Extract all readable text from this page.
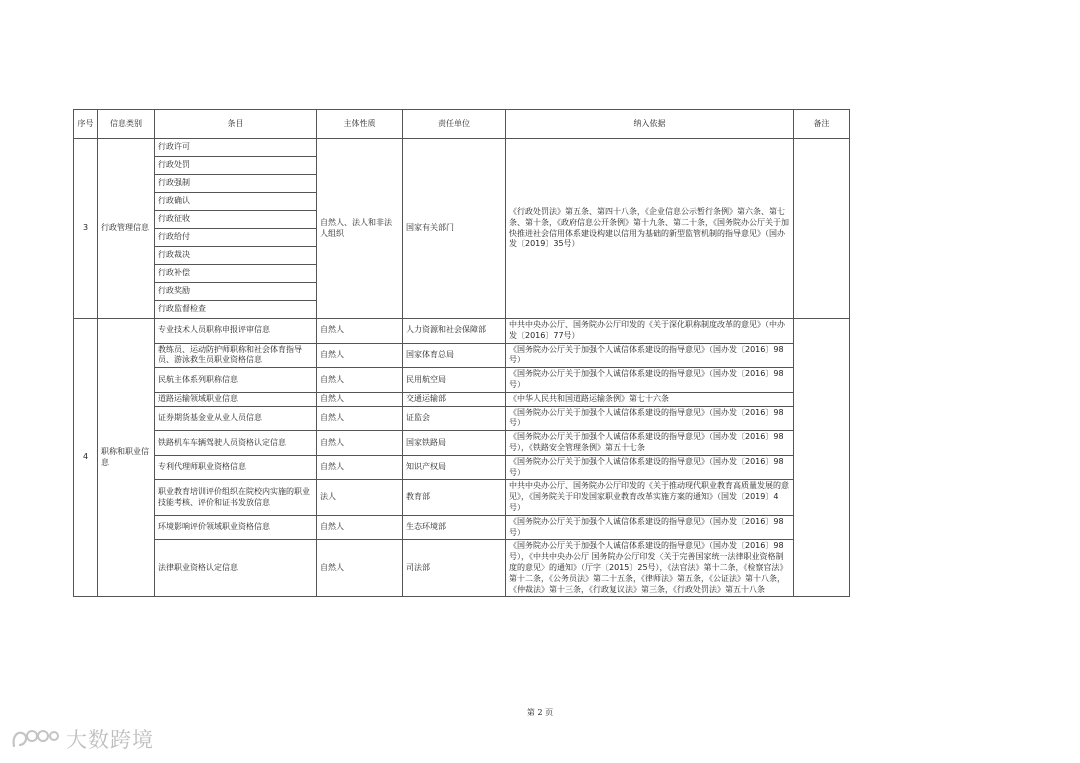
序号	信息类别	条目	主体性质	责任单位	纳入依据	备注
3	行政管理信息	行政许可	自然人、法人和非法人组织	国家有关部门	《行政处罚法》第五条、第四十八条，《企业信息公示暂行条例》第六条、第七条、第十条，《政府信息公开条例》第十九条、第二十条，《国务院办公厅关于加快推进社会信用体系建设构建以信用为基础的新型监管机制的指导意见》（国办发〔2019〕35号）	
		行政处罚				
		行政强制				
		行政确认				
		行政征收				
		行政给付				
		行政裁决				
		行政补偿				
		行政奖励				
		行政监督检查				
4	职称和职业信息	专业技术人员职称申报评审信息	自然人	人力资源和社会保障部	中共中央办公厅、国务院办公厅印发的《关于深化职称制度改革的意见》（中办发〔2016〕77号）	
		教练员、运动防护师职称和社会体育指导员、游泳救生员职业资格信息	自然人	国家体育总局	《国务院办公厅关于加强个人诚信体系建设的指导意见》（国办发〔2016〕98号）	
		民航主体系列职称信息	自然人	民用航空局	《国务院办公厅关于加强个人诚信体系建设的指导意见》（国办发〔2016〕98 号）	
		道路运输领域职业信息	自然人	交通运输部	《中华人民共和国道路运输条例》第七十六条	
		证券期货基金业从业人员信息	自然人	证监会	《国务院办公厅关于加强个人诚信体系建设的指导意见》（国办发〔2016〕98号）	
		铁路机车车辆驾驶人员资格认定信息	自然人	国家铁路局	《国务院办公厅关于加强个人诚信体系建设的指导意见》（国办发〔2016〕98 号），《铁路安全管理条例》第五十七条	
		专利代理师职业资格信息	自然人	知识产权局	《国务院办公厅关于加强个人诚信体系建设的指导意见》（国办发〔2016〕98号）	
		职业教育培训评价组织在院校内实施的职业技能考核、评价和证书发放信息	法人	教育部	中共中央办公厅、国务院办公厅印发的《关于推动现代职业教育高质量发展的意见》，《国务院关于印发国家职业教育改革实施方案的通知》（国发〔2019〕4号）	
		环境影响评价领域职业资格信息	自然人	生态环境部	《国务院办公厅关于加强个人诚信体系建设的指导意见》（国办发〔2016〕98号）	
		法律职业资格认定信息	自然人	司法部	《国务院办公厅关于加强个人诚信体系建设的指导意见》（国办发〔2016〕98号），《中共中央办公厅 国务院办公厅印发〈关于完善国家统一法律职业资格制度的意见〉的通知》（厅字〔2015〕25号），《法官法》第十二条，《检察官法》第十二条，《公务员法》第二十五条，《律师法》第五条，《公证法》第十八条，《仲裁法》第十三条，《行政复议法》第三条，《行政处罚法》第五十八条	
第 2 页
大数跨境
